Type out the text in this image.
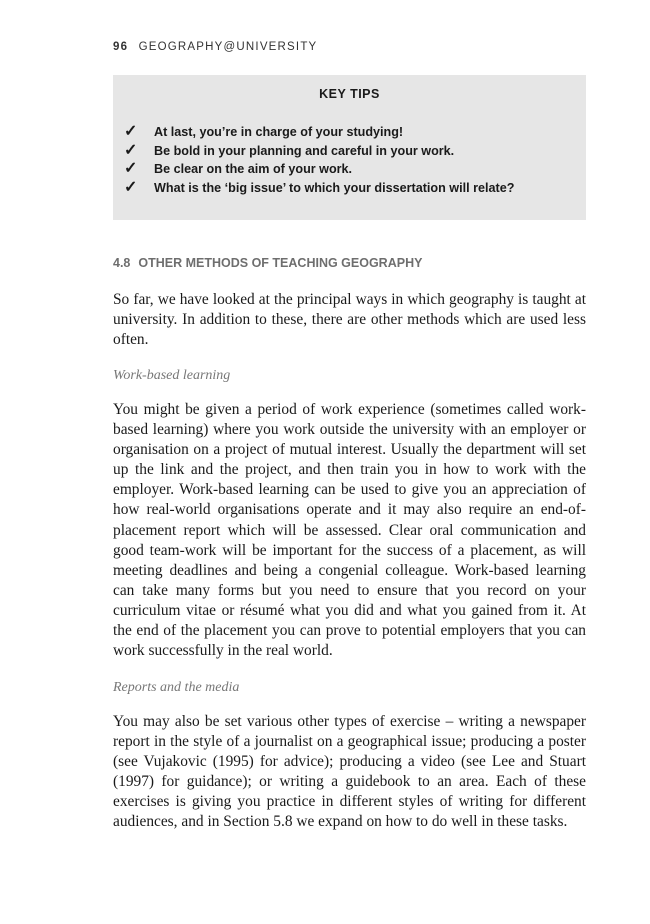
96 GEOGRAPHY@UNIVERSITY
KEY TIPS
✓ At last, you’re in charge of your studying!
✓ Be bold in your planning and careful in your work.
✓ Be clear on the aim of your work.
✓ What is the ‘big issue’ to which your dissertation will relate?
4.8 OTHER METHODS OF TEACHING GEOGRAPHY

So far, we have looked at the principal ways in which geography is taught at university. In addition to these, there are other methods which are used less often.

Work-based learning

You might be given a period of work experience (sometimes called work-based learning) where you work outside the university with an employer or organisation on a project of mutual interest. Usually the department will set up the link and the project, and then train you in how to work with the employer. Work-based learning can be used to give you an appreciation of how real-world organisations operate and it may also require an end-of-placement report which will be assessed. Clear oral communication and good team-work will be important for the success of a placement, as will meeting deadlines and being a congenial colleague. Work-based learning can take many forms but you need to ensure that you record on your curriculum vitae or résumé what you did and what you gained from it. At the end of the placement you can prove to potential employers that you can work successfully in the real world.

Reports and the media

You may also be set various other types of exercise – writing a newspaper report in the style of a journalist on a geographical issue; producing a poster (see Vujakovic (1995) for advice); producing a video (see Lee and Stuart (1997) for guidance); or writing a guidebook to an area. Each of these exercises is giving you practice in different styles of writing for different audiences, and in Section 5.8 we expand on how to do well in these tasks.
